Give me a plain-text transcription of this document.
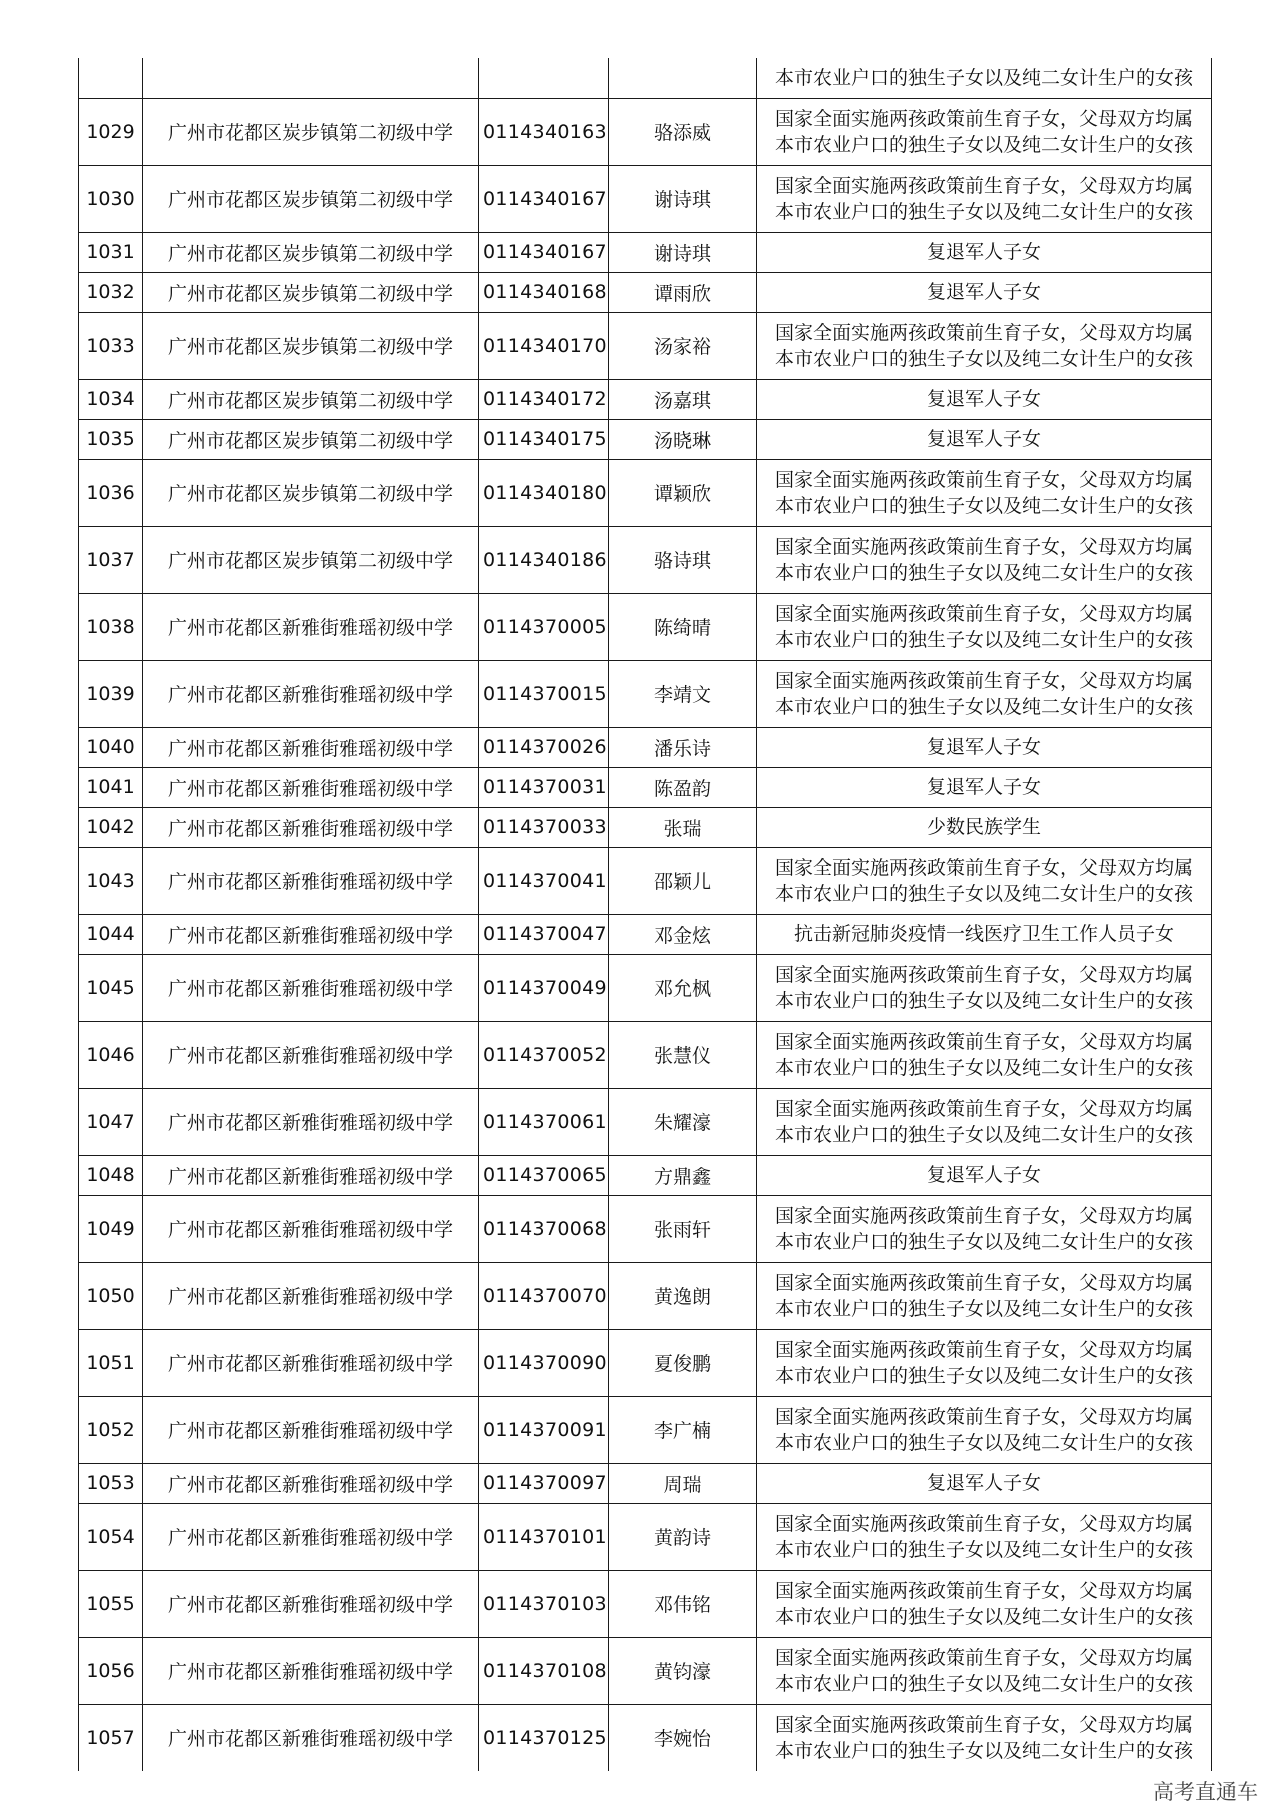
				本市农业户口的独生子女以及纯二女计生户的女孩
1029	广州市花都区炭步镇第二初级中学	0114340163	骆添威	国家全面实施两孩政策前生育子女，父母双方均属
本市农业户口的独生子女以及纯二女计生户的女孩

1030	广州市花都区炭步镇第二初级中学	0114340167	谢诗琪	国家全面实施两孩政策前生育子女，父母双方均属
本市农业户口的独生子女以及纯二女计生户的女孩

1031	广州市花都区炭步镇第二初级中学	0114340167	谢诗琪	复退军人子女

1032	广州市花都区炭步镇第二初级中学	0114340168	谭雨欣	复退军人子女

1033	广州市花都区炭步镇第二初级中学	0114340170	汤家裕	国家全面实施两孩政策前生育子女，父母双方均属
本市农业户口的独生子女以及纯二女计生户的女孩

1034	广州市花都区炭步镇第二初级中学	0114340172	汤嘉琪	复退军人子女

1035	广州市花都区炭步镇第二初级中学	0114340175	汤晓琳	复退军人子女

1036	广州市花都区炭步镇第二初级中学	0114340180	谭颖欣	国家全面实施两孩政策前生育子女，父母双方均属
本市农业户口的独生子女以及纯二女计生户的女孩

1037	广州市花都区炭步镇第二初级中学	0114340186	骆诗琪	国家全面实施两孩政策前生育子女，父母双方均属
本市农业户口的独生子女以及纯二女计生户的女孩

1038	广州市花都区新雅街雅瑶初级中学	0114370005	陈绮晴	国家全面实施两孩政策前生育子女，父母双方均属
本市农业户口的独生子女以及纯二女计生户的女孩

1039	广州市花都区新雅街雅瑶初级中学	0114370015	李靖文	国家全面实施两孩政策前生育子女，父母双方均属
本市农业户口的独生子女以及纯二女计生户的女孩

1040	广州市花都区新雅街雅瑶初级中学	0114370026	潘乐诗	复退军人子女

1041	广州市花都区新雅街雅瑶初级中学	0114370031	陈盈韵	复退军人子女

1042	广州市花都区新雅街雅瑶初级中学	0114370033	张瑞	少数民族学生

1043	广州市花都区新雅街雅瑶初级中学	0114370041	邵颖儿	国家全面实施两孩政策前生育子女，父母双方均属
本市农业户口的独生子女以及纯二女计生户的女孩

1044	广州市花都区新雅街雅瑶初级中学	0114370047	邓金炫	抗击新冠肺炎疫情一线医疗卫生工作人员子女

1045	广州市花都区新雅街雅瑶初级中学	0114370049	邓允枫	国家全面实施两孩政策前生育子女，父母双方均属
本市农业户口的独生子女以及纯二女计生户的女孩

1046	广州市花都区新雅街雅瑶初级中学	0114370052	张慧仪	国家全面实施两孩政策前生育子女，父母双方均属
本市农业户口的独生子女以及纯二女计生户的女孩

1047	广州市花都区新雅街雅瑶初级中学	0114370061	朱耀濠	国家全面实施两孩政策前生育子女，父母双方均属
本市农业户口的独生子女以及纯二女计生户的女孩

1048	广州市花都区新雅街雅瑶初级中学	0114370065	方鼎鑫	复退军人子女

1049	广州市花都区新雅街雅瑶初级中学	0114370068	张雨轩	国家全面实施两孩政策前生育子女，父母双方均属
本市农业户口的独生子女以及纯二女计生户的女孩

1050	广州市花都区新雅街雅瑶初级中学	0114370070	黄逸朗	国家全面实施两孩政策前生育子女，父母双方均属
本市农业户口的独生子女以及纯二女计生户的女孩

1051	广州市花都区新雅街雅瑶初级中学	0114370090	夏俊鹏	国家全面实施两孩政策前生育子女，父母双方均属
本市农业户口的独生子女以及纯二女计生户的女孩

1052	广州市花都区新雅街雅瑶初级中学	0114370091	李广楠	国家全面实施两孩政策前生育子女，父母双方均属
本市农业户口的独生子女以及纯二女计生户的女孩

1053	广州市花都区新雅街雅瑶初级中学	0114370097	周瑞	复退军人子女

1054	广州市花都区新雅街雅瑶初级中学	0114370101	黄韵诗	国家全面实施两孩政策前生育子女，父母双方均属
本市农业户口的独生子女以及纯二女计生户的女孩

1055	广州市花都区新雅街雅瑶初级中学	0114370103	邓伟铭	国家全面实施两孩政策前生育子女，父母双方均属
本市农业户口的独生子女以及纯二女计生户的女孩

1056	广州市花都区新雅街雅瑶初级中学	0114370108	黄钧濠	国家全面实施两孩政策前生育子女，父母双方均属
本市农业户口的独生子女以及纯二女计生户的女孩

1057	广州市花都区新雅街雅瑶初级中学	0114370125	李婉怡	国家全面实施两孩政策前生育子女，父母双方均属
本市农业户口的独生子女以及纯二女计生户的女孩
高考直通车
